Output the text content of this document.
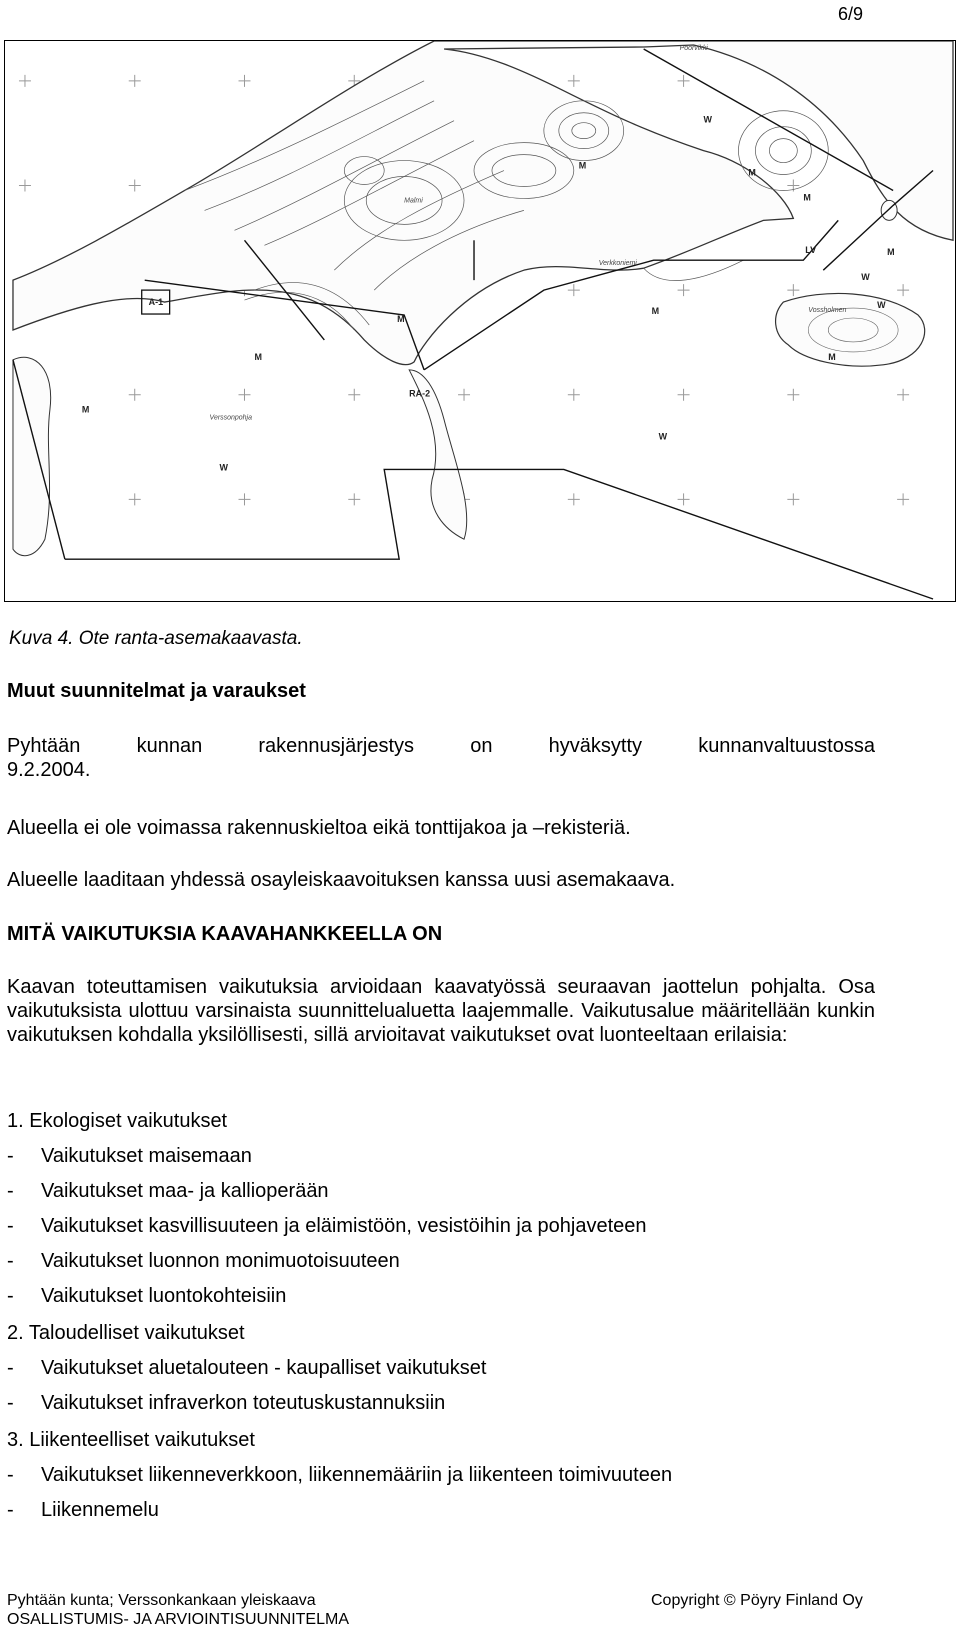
6/9
W
W
W
W
W
M
M
M
M
M
M
M
M
LV
RA-2
A-1
M
Verssonpohja
Verkkoniemi
Vossholmen
Malmi
Poorvikki
Kuva 4. Ote ranta-asemakaavasta.
Muut suunnitelmat ja varaukset
Pyhtään	kunnan	rakennusjärjestys	on	hyväksytty	kunnanvaltuustossa
9.2.2004.
Alueella ei ole voimassa rakennuskieltoa eikä tonttijakoa ja –rekisteriä.
Alueelle laaditaan yhdessä osayleiskaavoituksen kanssa uusi asemakaava.
MITÄ VAIKUTUKSIA KAAVAHANKKEELLA ON
Kaavan toteuttamisen vaikutuksia arvioidaan kaavatyössä seuraavan jaottelun pohjalta. Osa vaikutuksista ulottuu varsinaista suunnittelualuetta laajemmalle. Vaikutusalue määritellään kunkin vaikutuksen kohdalla yksilöllisesti, sillä arvioitavat vaikutukset ovat luonteeltaan erilaisia:
1. Ekologiset vaikutukset
- Vaikutukset maisemaan
- Vaikutukset maa- ja kallioperään
- Vaikutukset kasvillisuuteen ja eläimistöön, vesistöihin ja pohjaveteen
- Vaikutukset luonnon monimuotoisuuteen
- Vaikutukset luontokohteisiin
2. Taloudelliset vaikutukset
- Vaikutukset aluetalouteen - kaupalliset vaikutukset
- Vaikutukset infraverkon toteutuskustannuksiin
3. Liikenteelliset vaikutukset
- Vaikutukset liikenneverkkoon, liikennemääriin ja liikenteen toimivuuteen
- Liikennemelu
Pyhtään kunta; Verssonkankaan yleiskaava
OSALLISTUMIS- JA ARVIOINTISUUNNITELMA
Copyright © Pöyry Finland Oy
